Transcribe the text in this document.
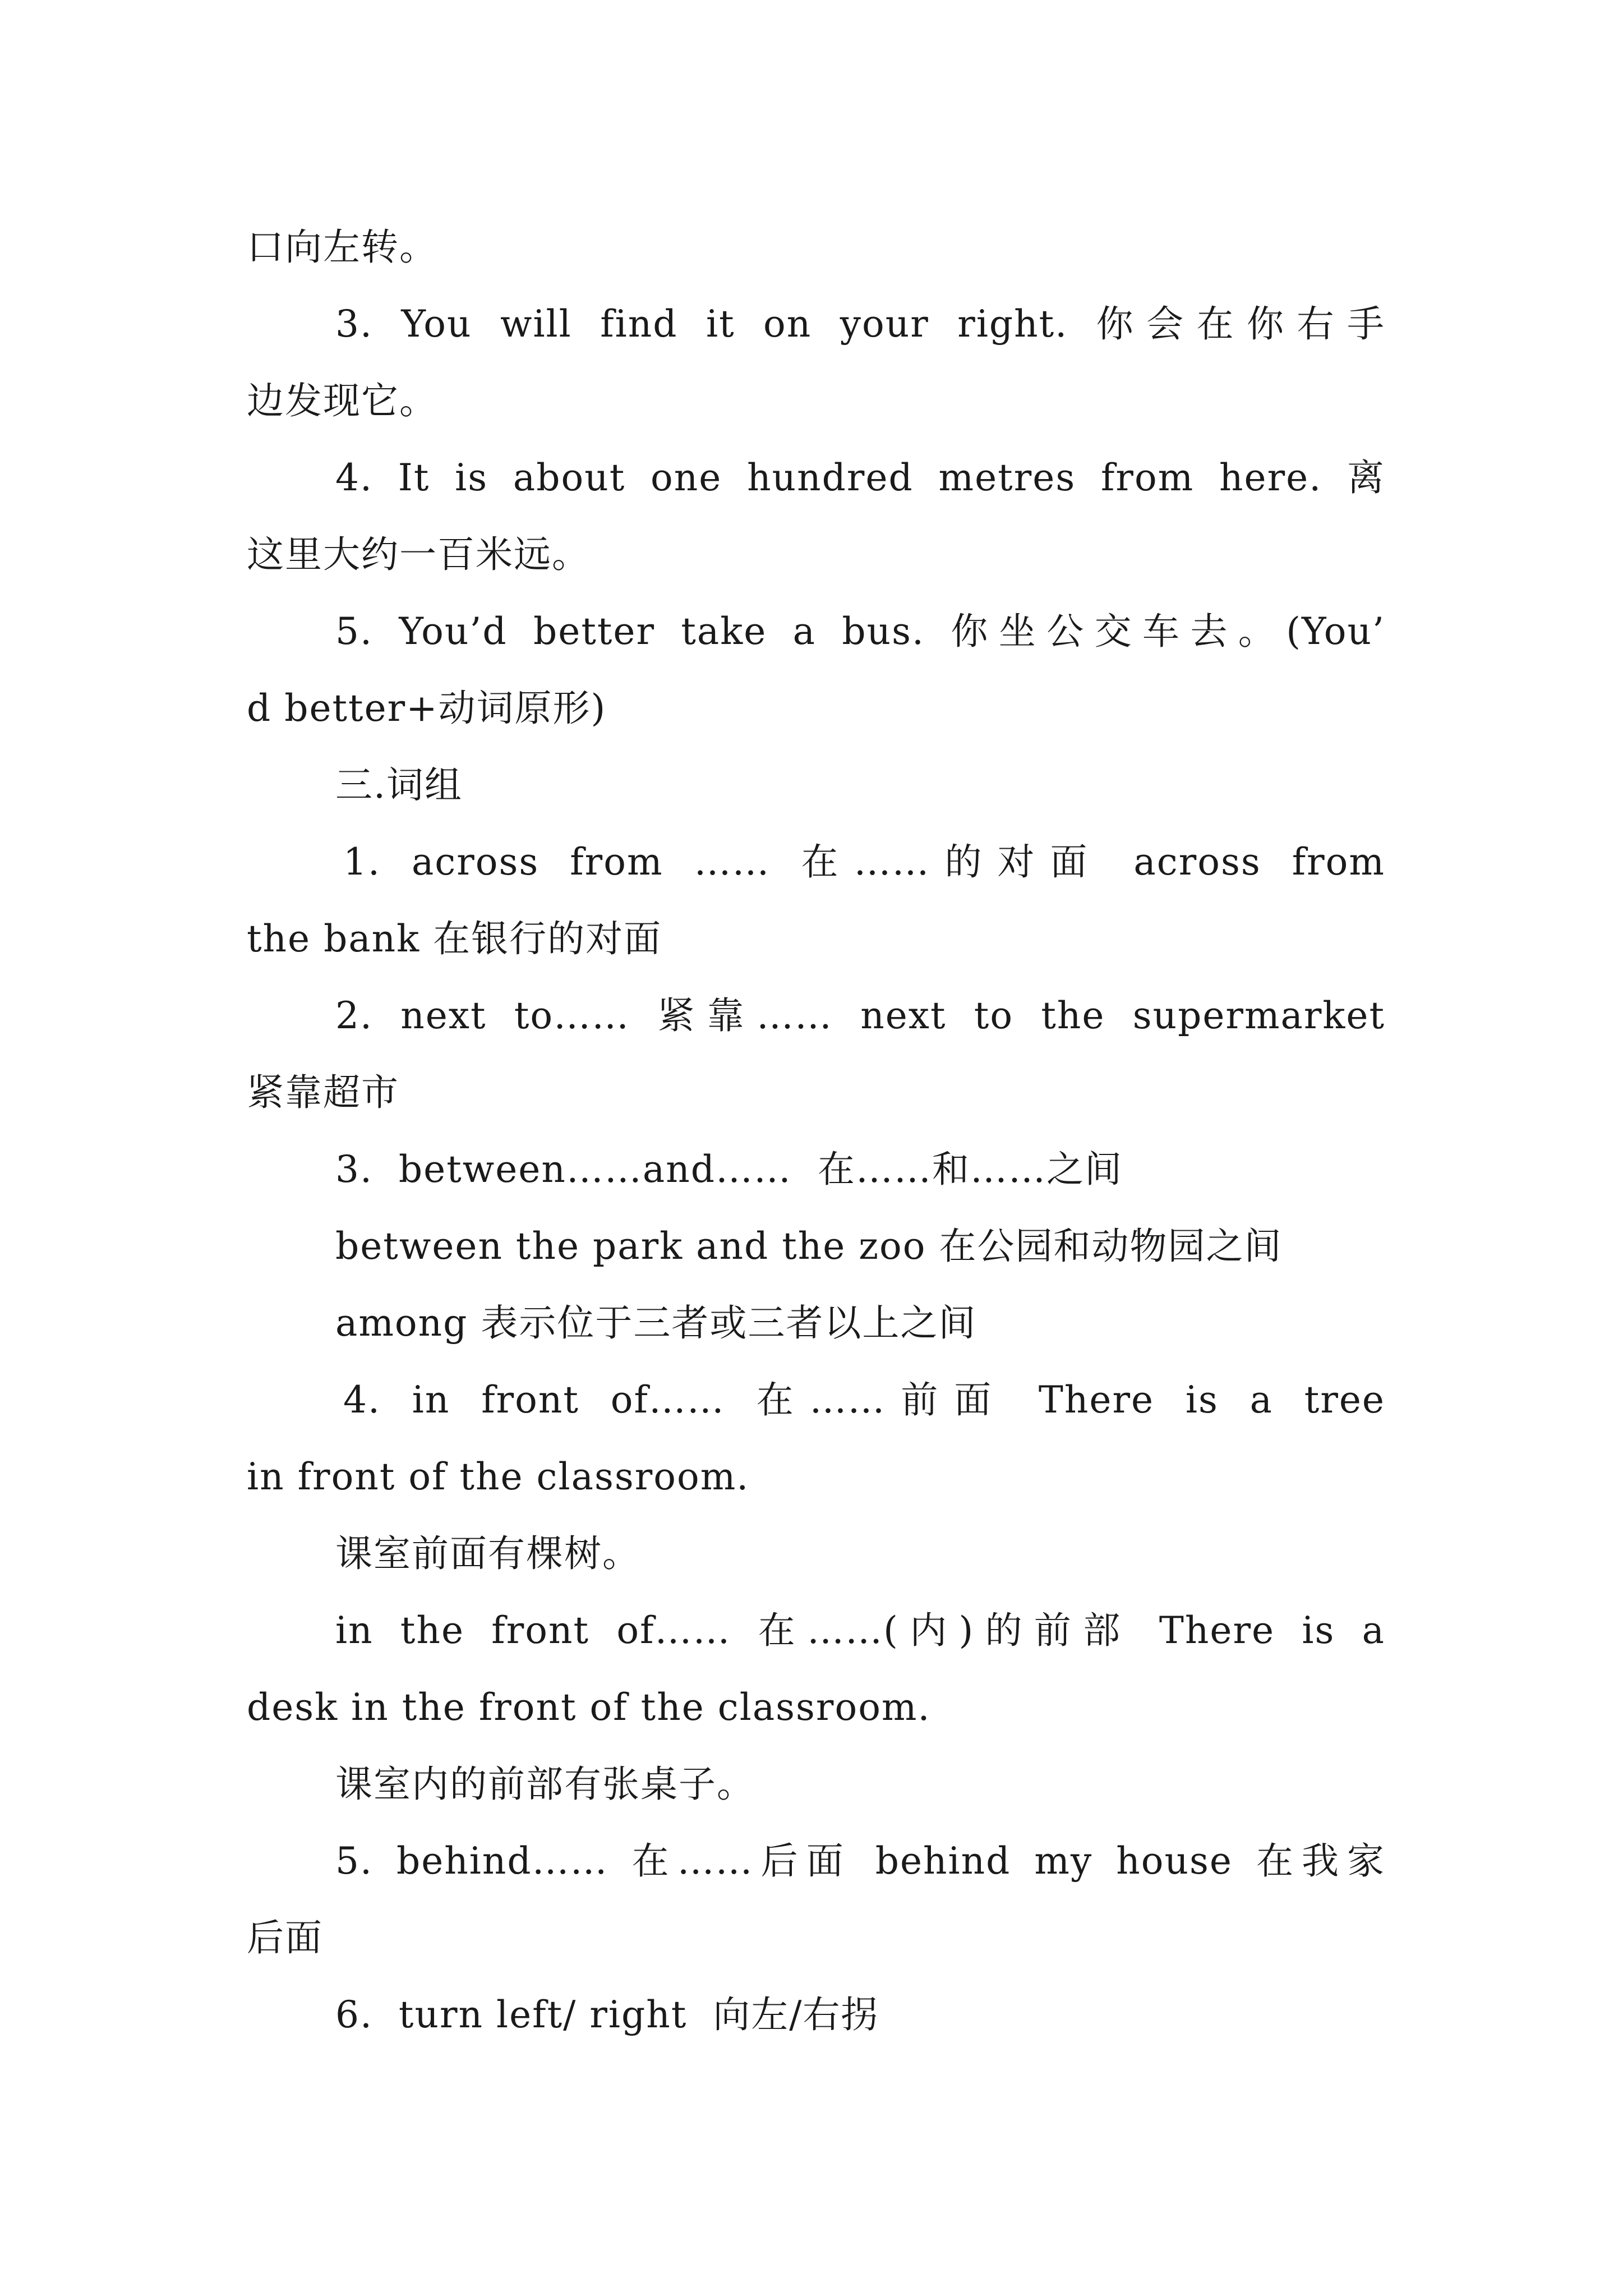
口向左转。
3. You will find it on your right. 你会在你右手
边发现它。
4. It is about one hundred metres from here. 离
这里大约一百米远。
5. You’d better take a bus. 你坐公交车去。(You’
d better+动词原形)
三.词组
1. across from …… 在……的对面 across from
the bank 在银行的对面
2. next to…… 紧靠…… next to the supermarket
紧靠超市
3.  between……and……  在……和……之间
between the park and the zoo 在公园和动物园之间
among 表示位于三者或三者以上之间
4. in front of…… 在……前面 There is a tree
in front of the classroom.
课室前面有棵树。
in the front of…… 在……(内)的前部 There is a
desk in the front of the classroom.
课室内的前部有张桌子。
5. behind…… 在……后面 behind my house 在我家
后面
6.  turn left/ right  向左/右拐
